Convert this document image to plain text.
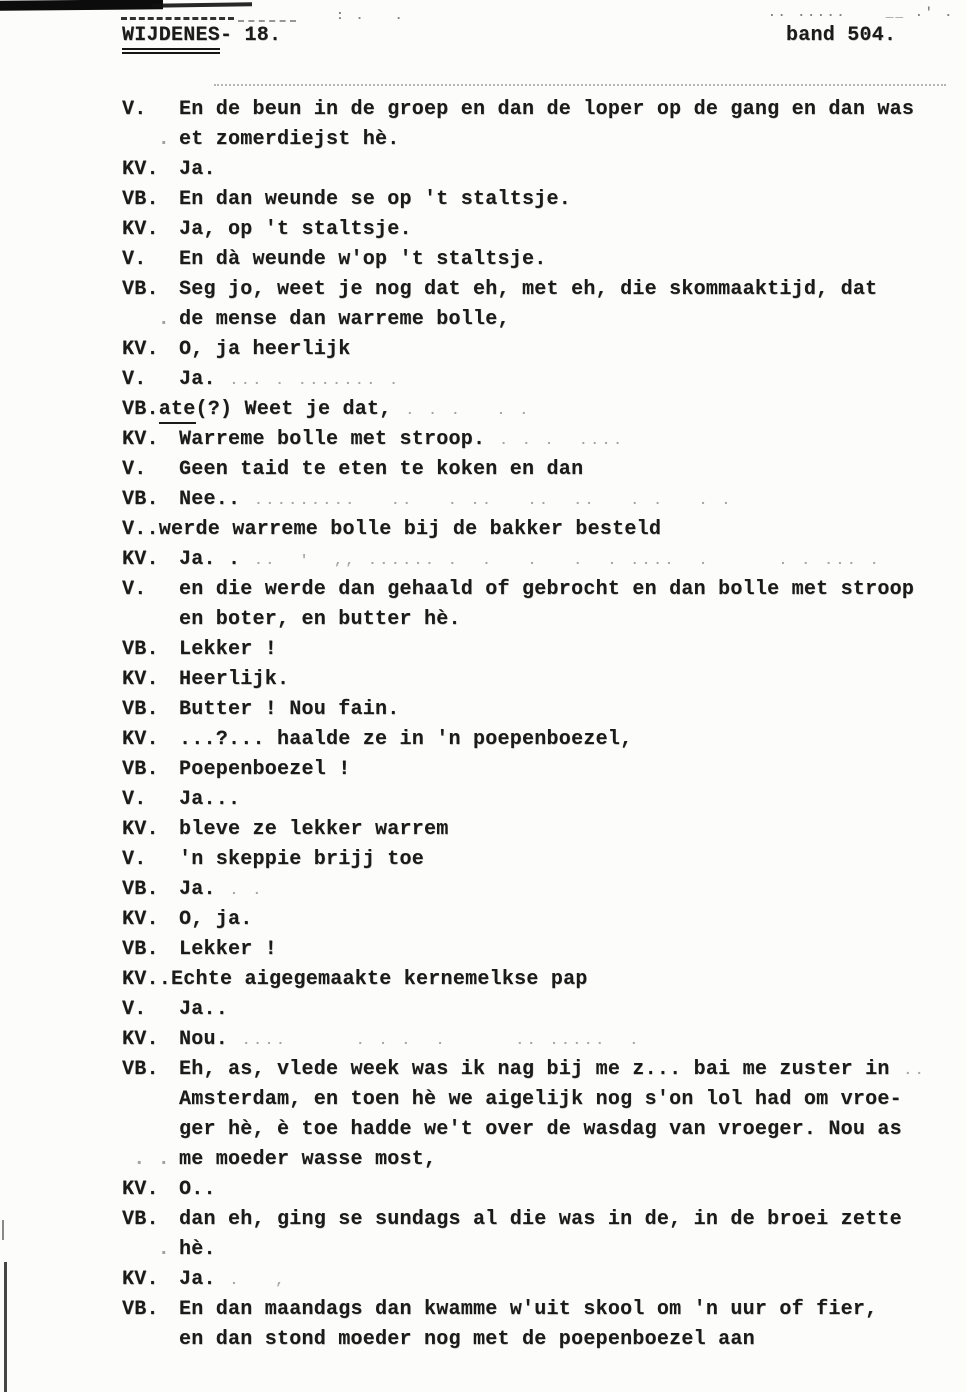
: .   .	.. .....    __ .' .
WIJDENES- 18.	band 504.
V. En de beun in de groep en dan de loper op de gang en dan was
. et zomerdiejst hè.
KV. Ja.
VB. En dan weunde se op 't staltsje.
KV. Ja, op 't staltsje.
V. En dà weunde w'op 't staltsje.
VB. Seg jo, weet je nog dat eh, met eh, die skommaaktijd, dat
. de mense dan warreme bolle,
KV. O, ja heerlijk
V. Ja. ... . ....... .
VB.ate(?) Weet je dat, . . .   . .
KV. Warreme bolle met stroop. . . .  ....
V. Geen taid te eten te koken en dan
VB. Nee.. .........   ..   . ..   ..  ..   . .   . .
V..werde warreme bolle bij de bakker besteld
KV. Ja. . ..  '  ,, ...... .  .   .   .  . ....  .      . . ... .
V. en die werde dan gehaald of gebrocht en dan bolle met stroop
en boter, en butter hè.
VB. Lekker !
KV. Heerlijk.
VB. Butter ! Nou fain.
KV. ...?... haalde ze in 'n poepenboezel,
VB. Poepenboezel !
V. Ja...
KV. bleve ze lekker warrem
V. 'n skeppie brijj toe
VB. Ja. . .
KV. O, ja.
VB. Lekker !
KV..Echte aigegemaakte kernemelkse pap
V. Ja..
KV. Nou. ....      . . .  .      .. .....  .
VB. Eh, as, vlede week was ik nag bij me z... bai me zuster in ..
Amsterdam, en toen hè we aigelijk nog s'on lol had om vroe-
ger hè, è toe hadde we't over de wasdag van vroeger. Nou as
. . me moeder wasse most,
KV. O..
VB. dan eh, ging se sundags al die was in de, in de broei zette
. hè.
KV. Ja. .   ,
VB. En dan maandags dan kwamme w'uit skool om 'n uur of fier,
en dan stond moeder nog met de poepenboezel aan
